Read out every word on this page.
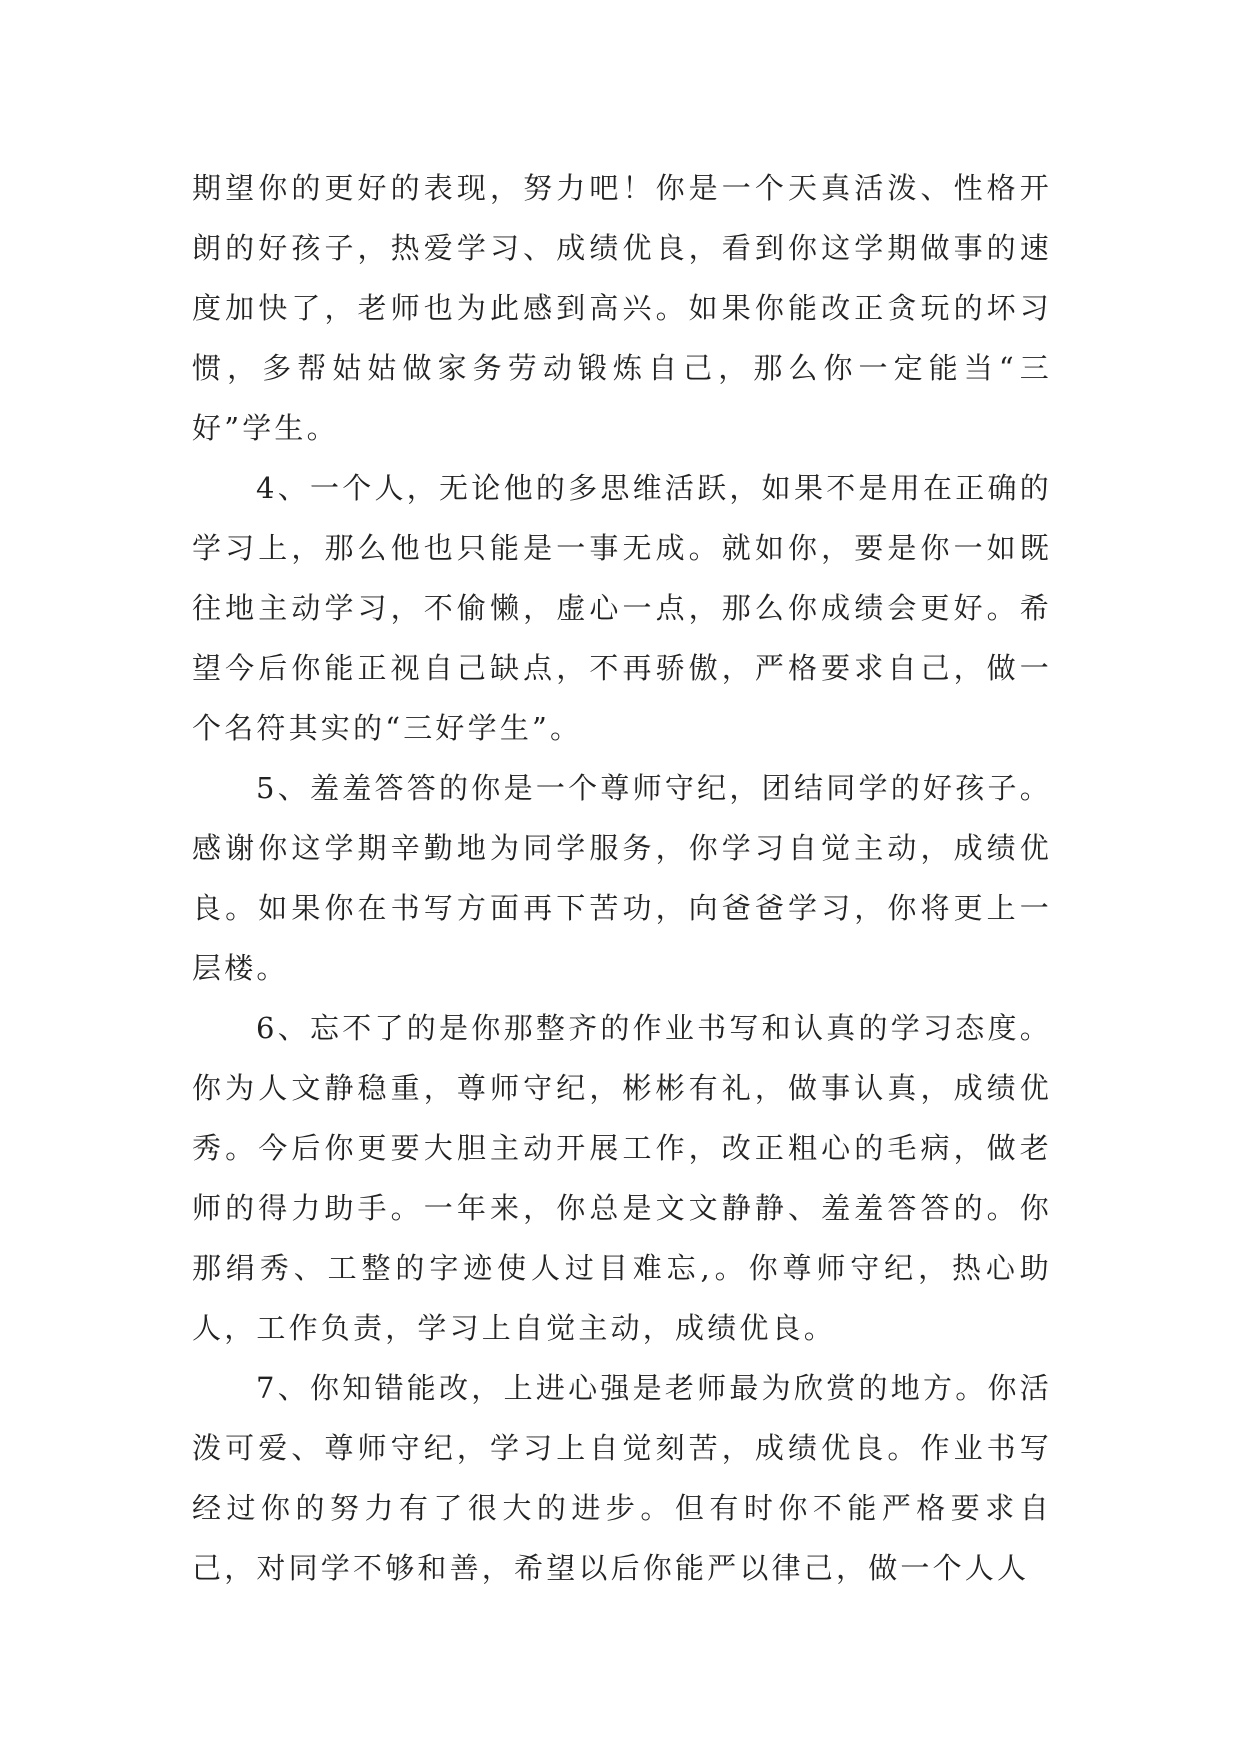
期望你的更好的表现，努力吧！你是一个天真活泼、性格开朗的好孩子，热爱学习、成绩优良，看到你这学期做事的速度加快了，老师也为此感到高兴。如果你能改正贪玩的坏习惯，多帮姑姑做家务劳动锻炼自己，那么你一定能当“三好”学生。

4、一个人，无论他的多思维活跃，如果不是用在正确的学习上，那么他也只能是一事无成。就如你，要是你一如既往地主动学习，不偷懒，虚心一点，那么你成绩会更好。希望今后你能正视自己缺点，不再骄傲，严格要求自己，做一个名符其实的“三好学生”。

5、羞羞答答的你是一个尊师守纪，团结同学的好孩子。感谢你这学期辛勤地为同学服务，你学习自觉主动，成绩优良。如果你在书写方面再下苦功，向爸爸学习，你将更上一层楼。

6、忘不了的是你那整齐的作业书写和认真的学习态度。你为人文静稳重，尊师守纪，彬彬有礼，做事认真，成绩优秀。今后你更要大胆主动开展工作，改正粗心的毛病，做老师的得力助手。一年来，你总是文文静静、羞羞答答的。你那绢秀、工整的字迹使人过目难忘,。你尊师守纪，热心助人，工作负责，学习上自觉主动，成绩优良。

7、你知错能改，上进心强是老师最为欣赏的地方。你活泼可爱、尊师守纪，学习上自觉刻苦，成绩优良。作业书写经过你的努力有了很大的进步。但有时你不能严格要求自己，对同学不够和善，希望以后你能严以律己，做一个人人
